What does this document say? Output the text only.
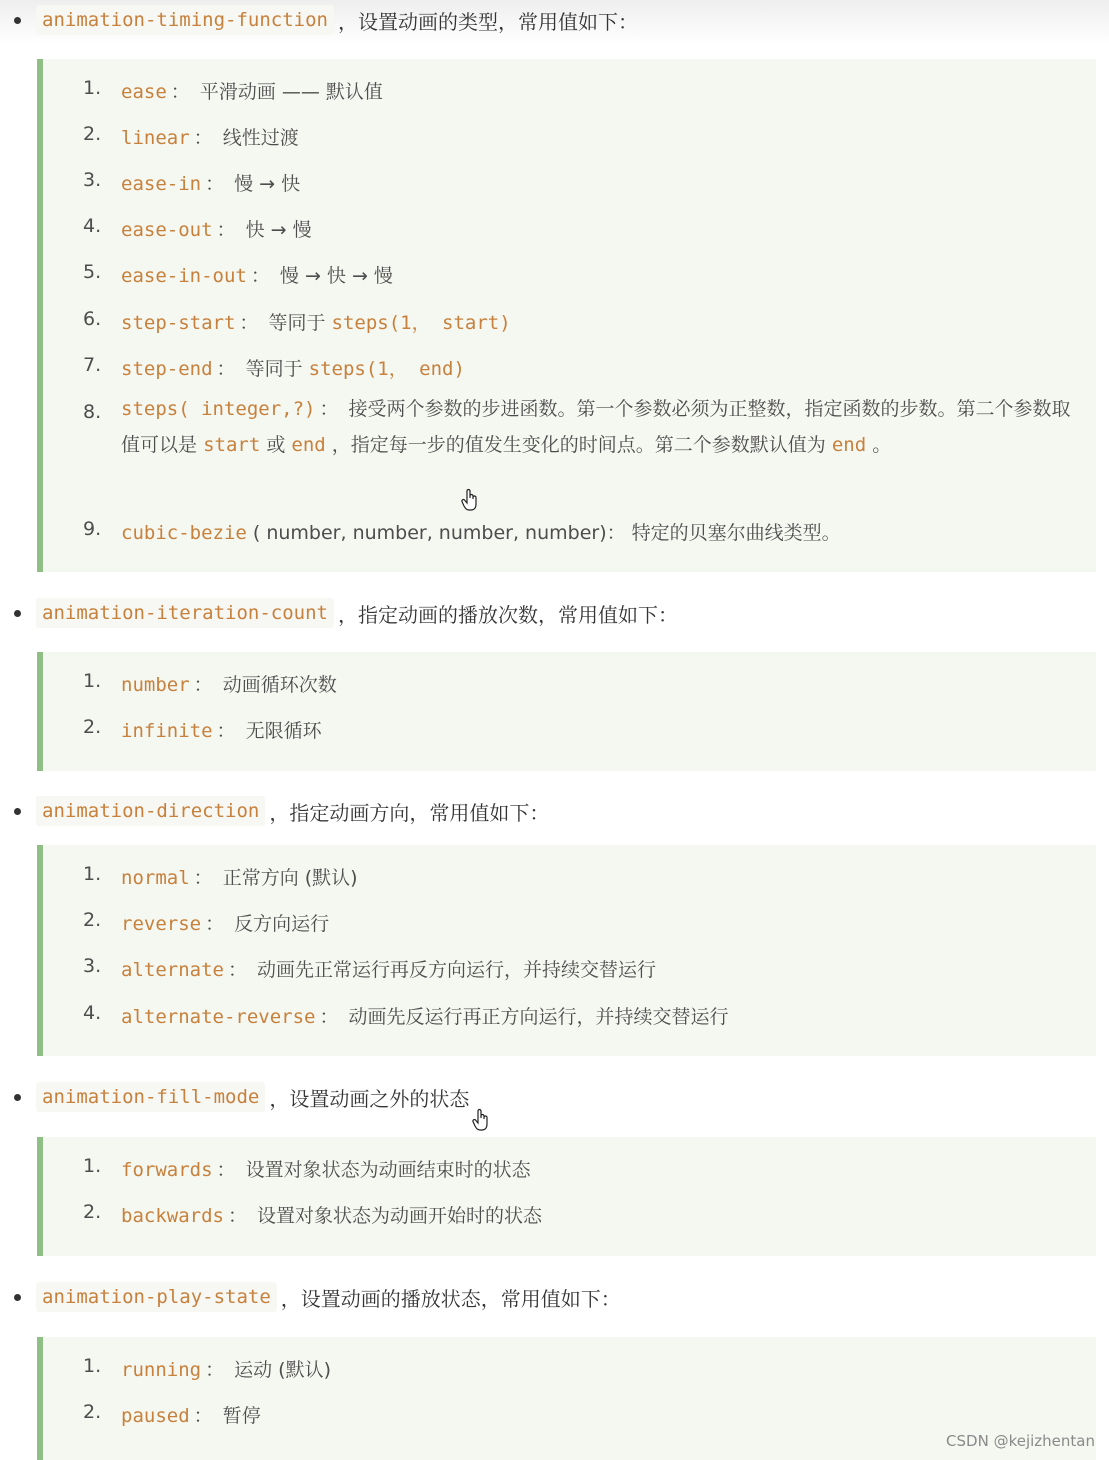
animation-timing-function ，设置动画的类型，常用值如下：
1.	ease ： 平滑动画 —— 默认值
2.	linear ： 线性过渡
3.	ease-in ： 慢 → 快
4.	ease-out ： 快 → 慢
5.	ease-in-out ： 慢 → 快 → 慢
6.	step-start ： 等同于 steps(1， start)
7.	step-end ： 等同于 steps(1， end)
8.	steps( integer,?) ： 接受两个参数的步进函数。第一个参数必须为正整数，指定函数的步数。第二个参数取值可以是 start 或 end ，指定每一步的值发生变化的时间点。第二个参数默认值为 end 。
9.	cubic-bezie ( number, number, number, number)： 特定的贝塞尔曲线类型。
animation-iteration-count ，指定动画的播放次数，常用值如下：
1.	number ： 动画循环次数
2.	infinite ： 无限循环
animation-direction ，指定动画方向，常用值如下：
1.	normal ： 正常方向 (默认)
2.	reverse ： 反方向运行
3.	alternate ： 动画先正常运行再反方向运行，并持续交替运行
4.	alternate-reverse ： 动画先反运行再正方向运行，并持续交替运行
animation-fill-mode ，设置动画之外的状态
1.	forwards ： 设置对象状态为动画结束时的状态
2.	backwards ： 设置对象状态为动画开始时的状态
animation-play-state ，设置动画的播放状态，常用值如下：
1.	running ： 运动 (默认)
2.	paused ： 暂停
CSDN @kejizhentan
